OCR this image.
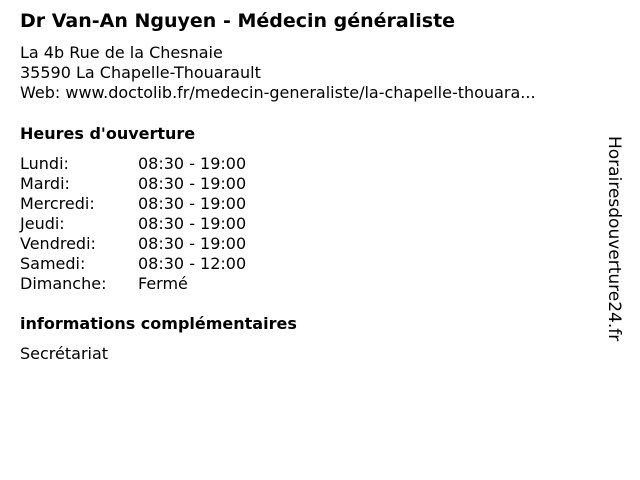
Dr Van-An Nguyen - Médecin généraliste
La 4b Rue de la Chesnaie
35590 La Chapelle-Thouarault
Web: www.doctolib.fr/medecin-generaliste/la-chapelle-thouara...
Heures d'ouverture
Lundi:	08:30 - 19:00
Mardi:	08:30 - 19:00
Mercredi:	08:30 - 19:00
Jeudi:	08:30 - 19:00
Vendredi:	08:30 - 19:00
Samedi:	08:30 - 12:00
Dimanche:	Fermé
informations complémentaires
Secrétariat
Horairesdouverture24.fr
